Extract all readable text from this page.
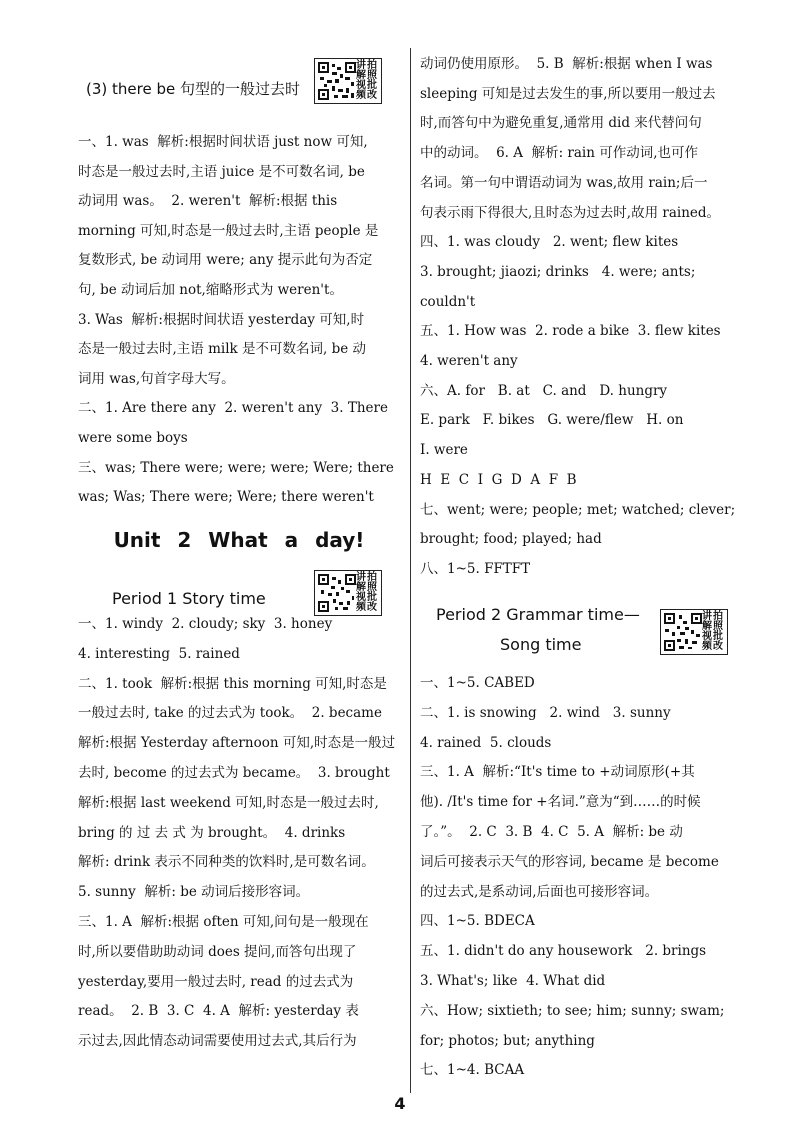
(3) there be 句型的一般过去时
讲拍解照视批频改
一、1. was  解析:根据时间状语 just now 可知,
时态是一般过去时,主语 juice 是不可数名词, be
动词用 was。  2. weren't  解析:根据 this
morning 可知,时态是一般过去时,主语 people 是
复数形式, be 动词用 were; any 提示此句为否定
句, be 动词后加 not,缩略形式为 weren't。
3. Was  解析:根据时间状语 yesterday 可知,时
态是一般过去时,主语 milk 是不可数名词, be 动
词用 was,句首字母大写。
二、1. Are there any  2. weren't any  3. There
were some boys
三、was; There were; were; were; Were; there
was; Was; There were; Were; there weren't
Unit 2 What a day!
Period 1 Story time
讲拍解照视批频改
一、1. windy  2. cloudy; sky  3. honey
4. interesting  5. rained
二、1. took  解析:根据 this morning 可知,时态是
一般过去时, take 的过去式为 took。  2. became
解析:根据 Yesterday afternoon 可知,时态是一般过
去时, become 的过去式为 became。  3. brought
解析:根据 last weekend 可知,时态是一般过去时,
bring 的 过 去 式 为 brought。  4. drinks
解析: drink 表示不同种类的饮料时,是可数名词。
5. sunny  解析: be 动词后接形容词。
三、1. A  解析:根据 often 可知,问句是一般现在
时,所以要借助助动词 does 提问,而答句出现了
yesterday,要用一般过去时, read 的过去式为
read。  2. B  3. C  4. A  解析: yesterday 表
示过去,因此情态动词需要使用过去式,其后行为
动词仍使用原形。  5. B  解析:根据 when I was
sleeping 可知是过去发生的事,所以要用一般过去
时,而答句中为避免重复,通常用 did 来代替问句
中的动词。  6. A  解析: rain 可作动词,也可作
名词。第一句中谓语动词为 was,故用 rain;后一
句表示雨下得很大,且时态为过去时,故用 rained。
四、1. was cloudy   2. went; flew kites
3. brought; jiaozi; drinks   4. were; ants;
couldn't
五、1. How was  2. rode a bike  3. flew kites
4. weren't any
六、A. for   B. at   C. and   D. hungry
E. park   F. bikes   G. were/flew   H. on
I. were
H  E  C  I  G  D  A  F  B
七、went; were; people; met; watched; clever;
brought; food; played; had
八、1~5. FFTFT
Period 2 Grammar time—
Song time
讲拍解照视批频改
一、1~5. CABED
二、1. is snowing   2. wind   3. sunny
4. rained  5. clouds
三、1. A  解析:“It's time to +动词原形(+其
他). /It's time for +名词.”意为“到……的时候
了。”。  2. C  3. B  4. C  5. A  解析: be 动
词后可接表示天气的形容词, became 是 become
的过去式,是系动词,后面也可接形容词。
四、1~5. BDECA
五、1. didn't do any housework   2. brings
3. What's; like  4. What did
六、How; sixtieth; to see; him; sunny; swam;
for; photos; but; anything
七、1~4. BCAA
4
